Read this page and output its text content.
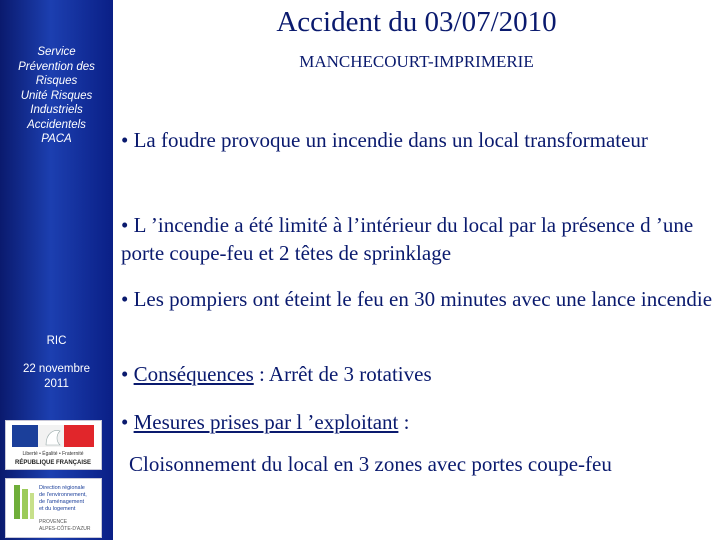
Service
Prévention des
Risques
Unité Risques
Industriels
Accidentels
PACA
RIC
22 novembre
2011
Liberté • Égalité • Fraternité
RÉPUBLIQUE FRANÇAISE
Direction régionale
de l'environnement,
de l'aménagement
et du logement
PROVENCE
ALPES-CÔTE-D'AZUR
Accident du 03/07/2010
MANCHECOURT-IMPRIMERIE
• La foudre provoque un incendie dans un local transformateur
• L ’incendie a été limité à l’intérieur du local par la présence d ’une porte coupe-feu et 2 têtes de sprinklage
• Les pompiers ont éteint le feu en 30 minutes avec une lance incendie
• Conséquences : Arrêt de 3 rotatives
• Mesures prises par l ’exploitant :
Cloisonnement du local en 3 zones avec portes coupe-feu
